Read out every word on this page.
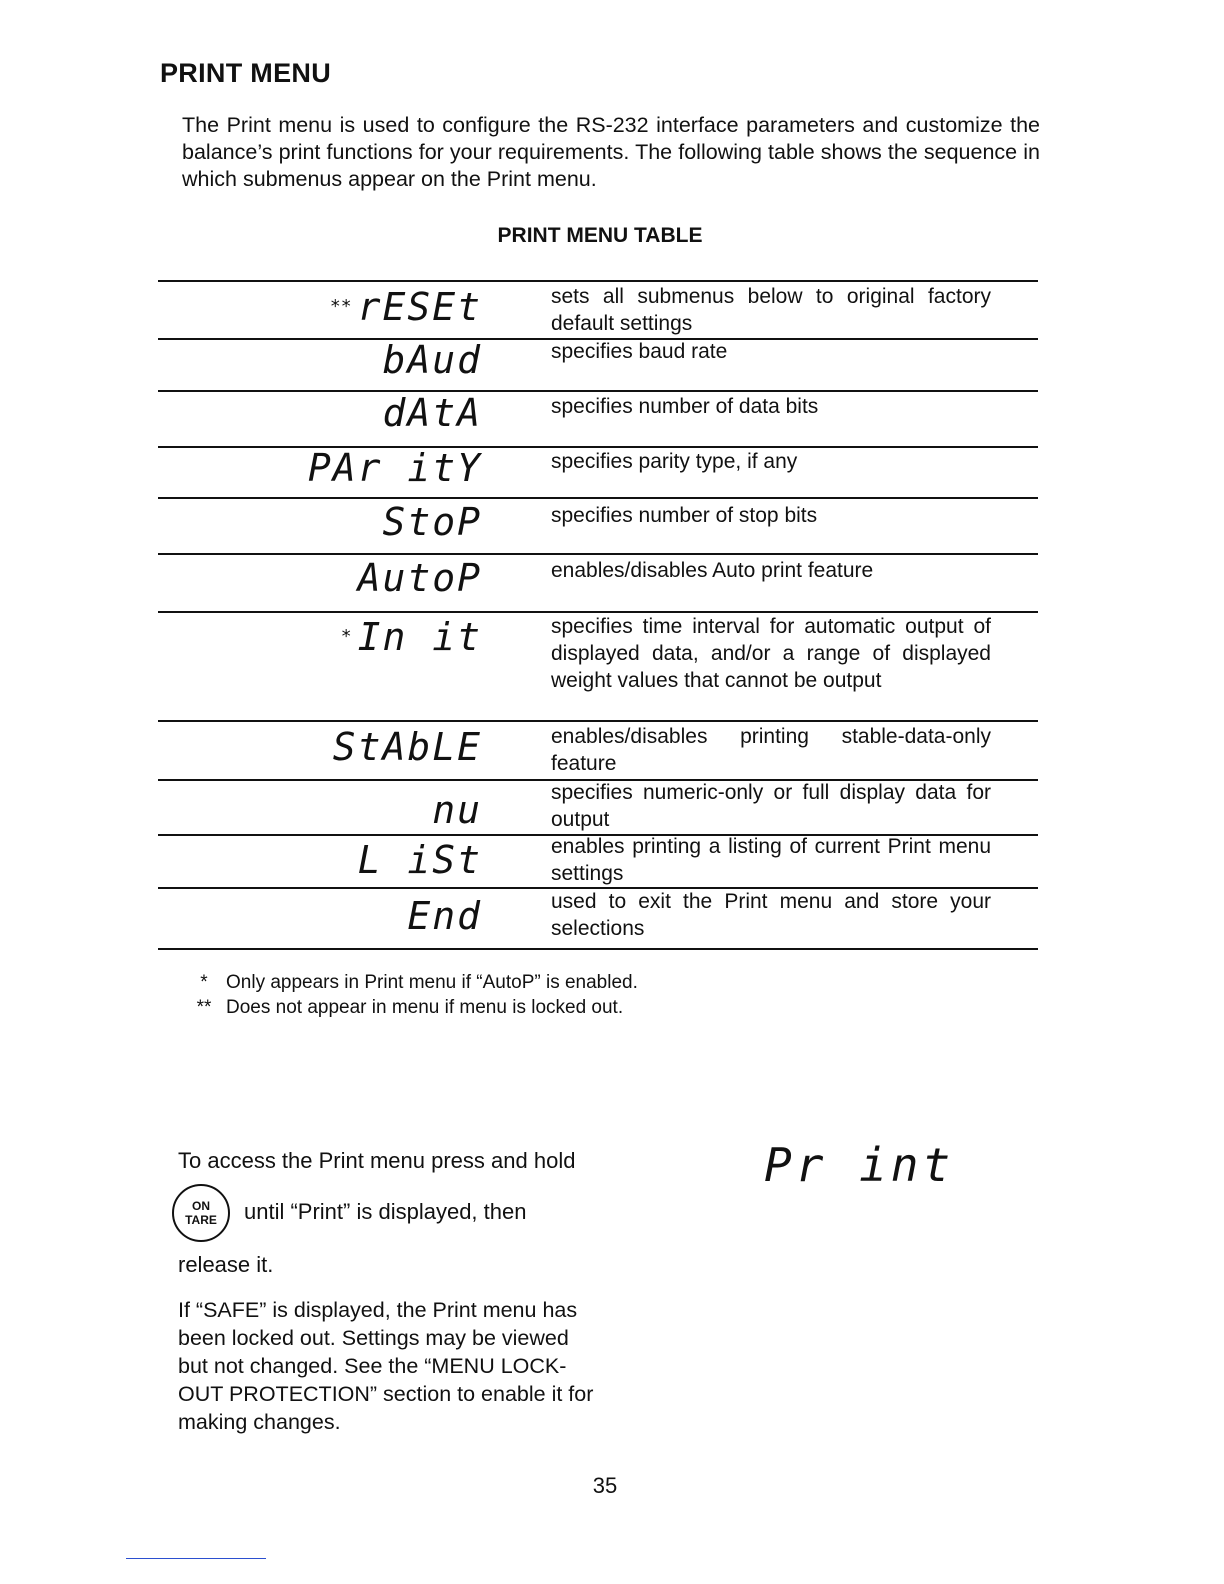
PRINT MENU
The Print menu is used to configure the RS-232 interface parameters and customize the balance’s print functions for your requirements. The following table shows the sequence in which submenus appear on the Print menu.
PRINT MENU TABLE
** rESEt	sets all submenus below to original factory default settings
bAud	specifies baud rate
dAtA	specifies number of data bits
PAr itY	specifies parity type, if any
StoP	specifies number of stop bits
AutoP	enables/disables Auto print feature
* In it	specifies time interval for automatic output of displayed data, and/or a range of displayed weight values that cannot be output
StAbLE	enables/disables printing stable-data-only feature
nu	specifies numeric-only or full display data for output
L iSt	enables printing a listing of current Print menu settings
End	used to exit the Print menu and store your selections
* Only appears in Print menu if “AutoP” is enabled.
** Does not appear in menu if menu is locked out.
To access the Print menu press and hold

ON
TARE until “Print” is displayed, then release it.
Pr int
If “SAFE” is displayed, the Print menu has been locked out. Settings may be viewed but not changed. See the “MENU LOCK-OUT PROTECTION” section to enable it for making changes.
35
